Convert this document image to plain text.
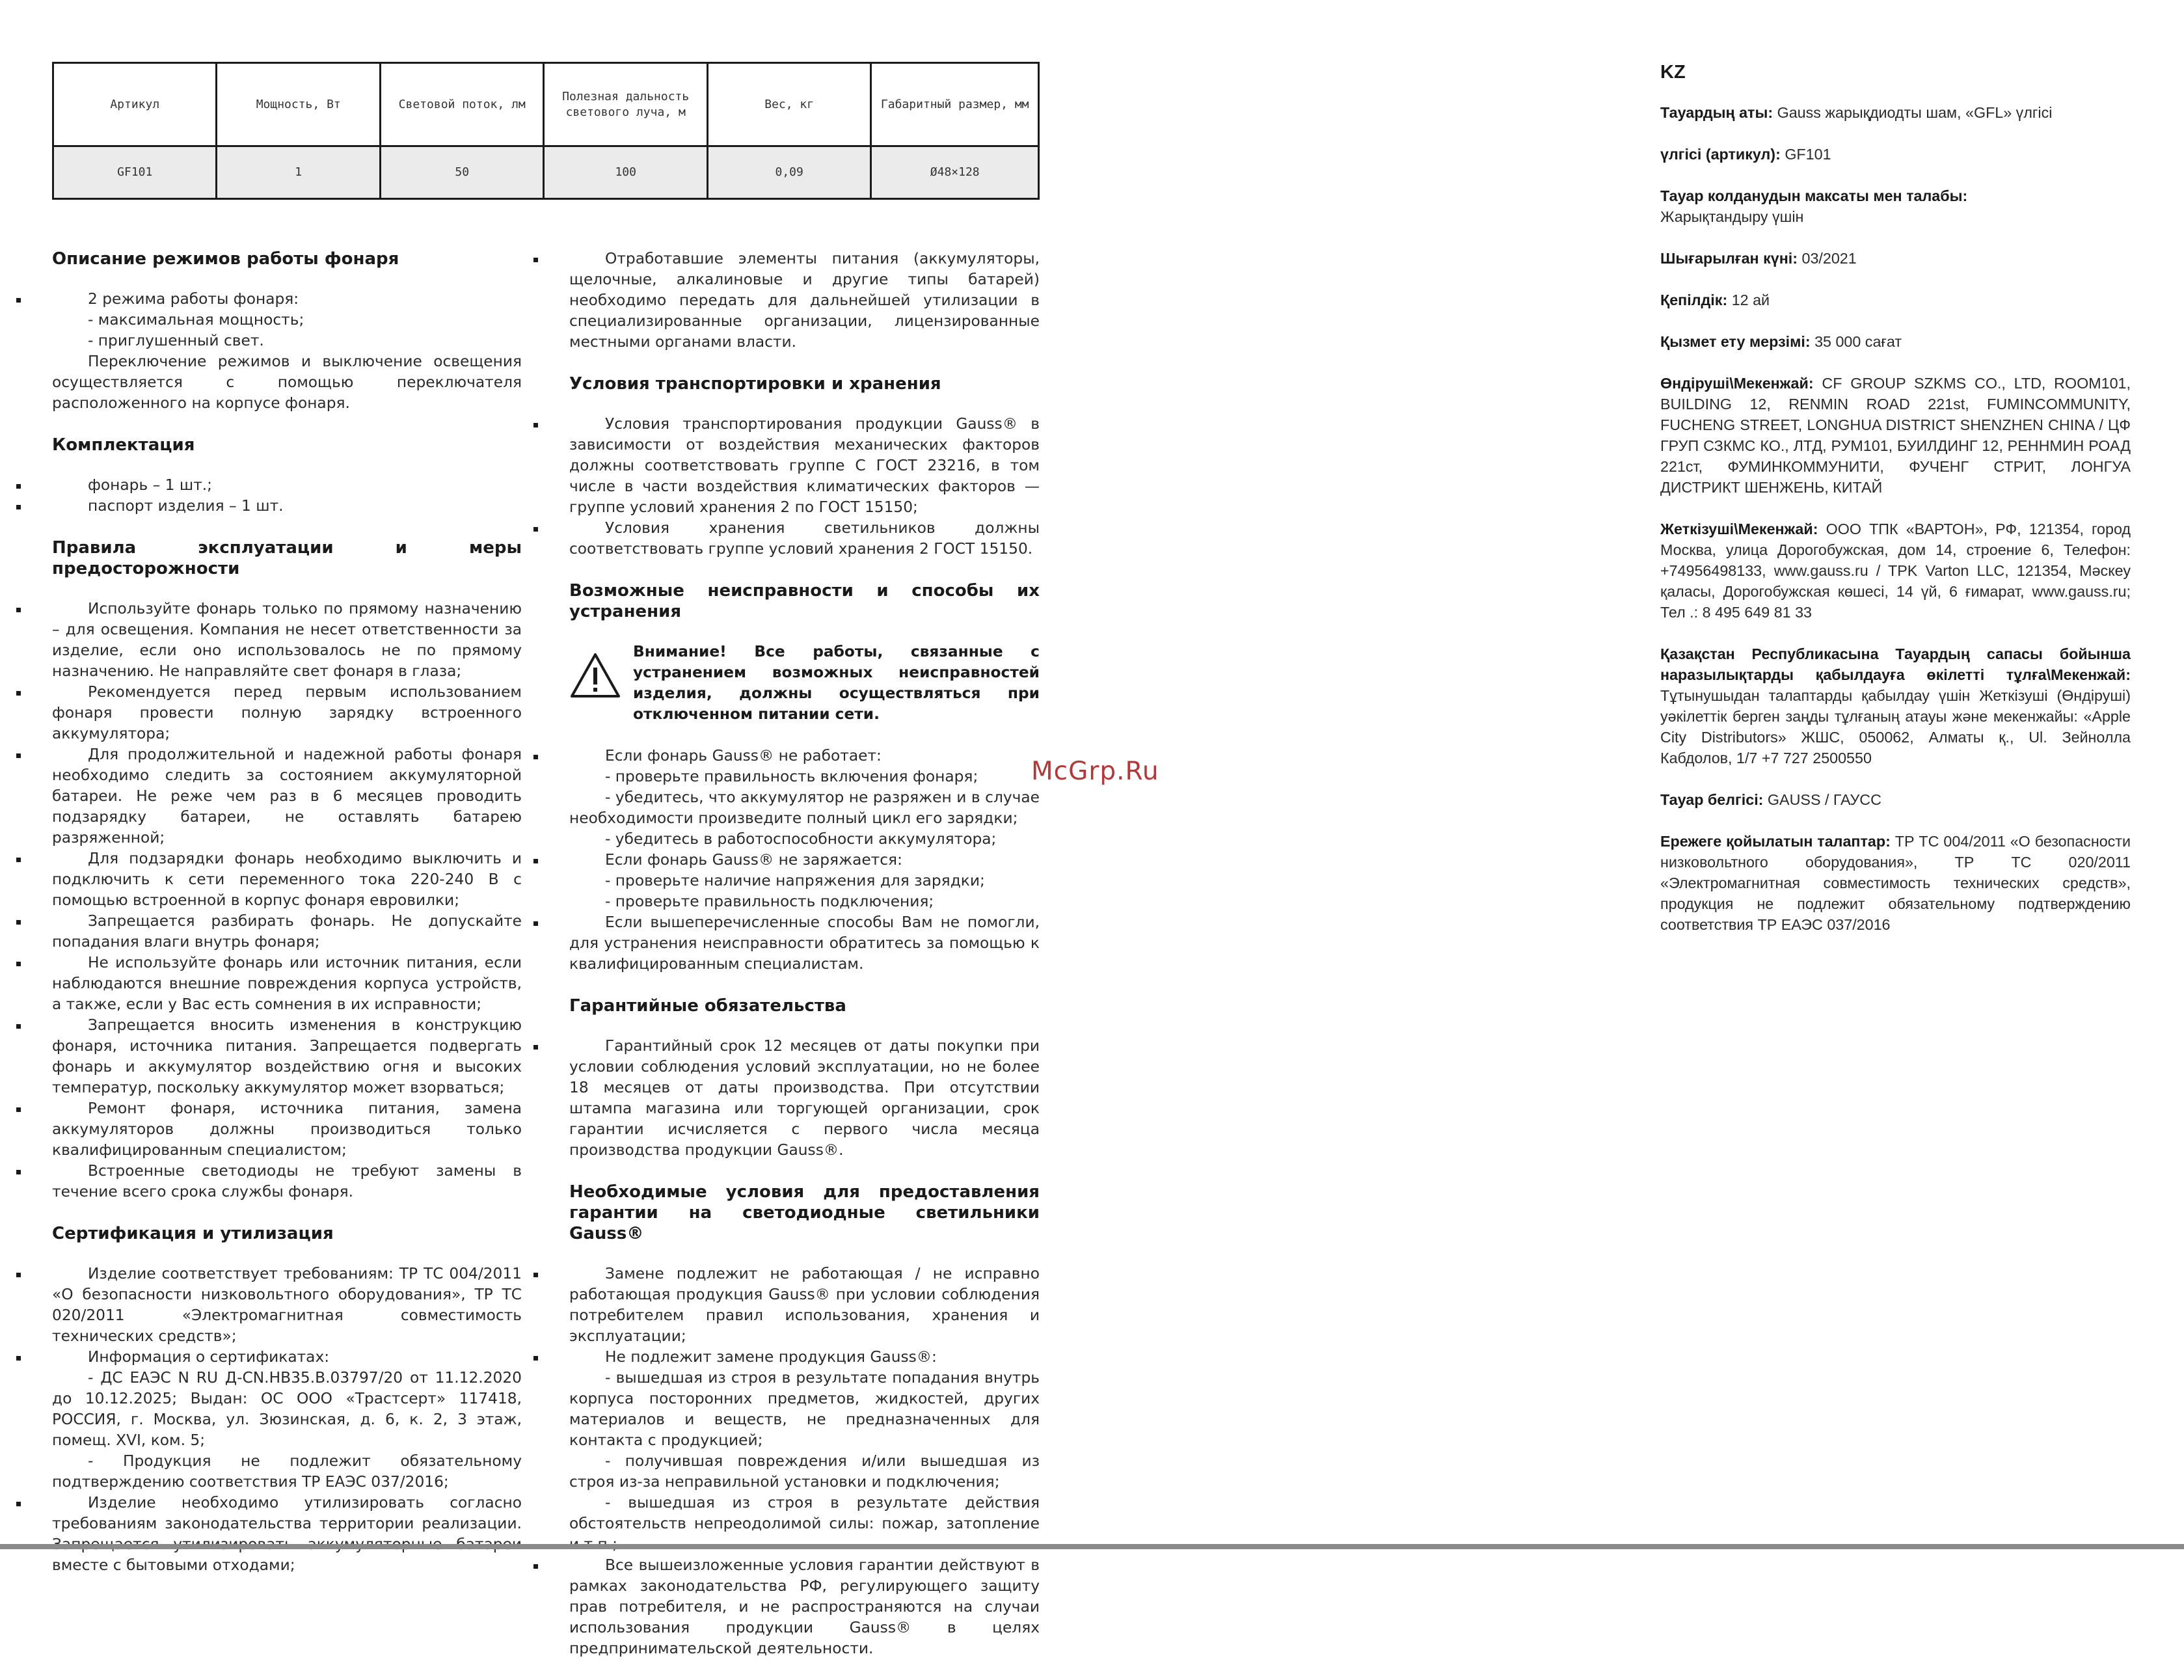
Артикул	Мощность, Вт	Световой поток, лм	Полезная дальность светового луча, м	Вес, кг	Габаритный размер, мм
GF101	1	50	100	0,09	Ø48×128
Описание режимов работы фонаря

2 режима работы фонаря:

- максимальная мощность;

- приглушенный свет.

Переключение режимов и выключение освещения осуществляется с помощью переключателя расположенного на корпусе фонаря.

Комплектация

фонарь – 1 шт.;

паспорт изделия – 1 шт.

Правила эксплуатации и меры предосторожности

Используйте фонарь только по прямому назначению – для освещения. Компания не несет ответственности за изделие, если оно использовалось не по прямому назначению. Не направляйте свет фонаря в глаза;

Рекомендуется перед первым использованием фонаря провести полную зарядку встроенного аккумулятора;

Для продолжительной и надежной работы фонаря необходимо следить за состоянием аккумуляторной батареи. Не реже чем раз в 6 месяцев проводить подзарядку батареи, не оставлять батарею разряженной;

Для подзарядки фонарь необходимо выключить и подключить к сети переменного тока 220-240 В с помощью встроенной в корпус фонаря евровилки;

Запрещается разбирать фонарь. Не допускайте попадания влаги внутрь фонаря;

Не используйте фонарь или источник питания, если наблюдаются внешние повреждения корпуса устройств, а также, если у Вас есть сомнения в их исправности;

Запрещается вносить изменения в конструкцию фонаря, источника питания. Запрещается подвергать фонарь и аккумулятор воздействию огня и высоких температур, поскольку аккумулятор может взорваться;

Ремонт фонаря, источника питания, замена аккумуляторов должны производиться только квалифицированным специалистом;

Встроенные светодиоды не требуют замены в течение всего срока службы фонаря.

Сертификация и утилизация

Изделие соответствует требованиям: ТР ТС 004/2011 «О безопасности низковольтного оборудования», ТР ТС 020/2011 «Электромагнитная совместимость технических средств»;

Информация о сертификатах:

- ДС ЕАЭС N RU Д-CN.НВ35.В.03797/20 от 11.12.2020 до 10.12.2025; Выдан: ОС ООО «Трастсерт» 117418, РОССИЯ, г. Москва, ул. Зюзинская, д. 6, к. 2, 3 этаж, помещ. XVI, ком. 5;

- Продукция не подлежит обязательному подтверждению соответствия ТР ЕАЭС 037/2016;

Изделие необходимо утилизировать согласно требованиям законодательства территории реализации. вместе с бытовыми отходами;

Отработавшие элементы питания (аккумуляторы, щелочные, алкалиновые и другие типы батарей) необходимо передать для дальнейшей утилизации в специализированные организации, лицензированные местными органами власти.

Условия транспортировки и хранения

Условия транспортирования продукции Gauss® в зависимости от воздействия механических факторов должны соответствовать группе С ГОСТ 23216, в том числе в части воздействия климатических факторов — группе условий хранения 2 по ГОСТ 15150;

Условия хранения светильников должны соответствовать группе условий хранения 2 ГОСТ 15150.

Возможные неисправности и способы их устранения
Внимание! Все работы, связанные с устранением возможных неисправностей изделия, должны осуществляться при отключенном питании сети.

Если фонарь Gauss® не работает:

- проверьте правильность включения фонаря;

- убедитесь, что аккумулятор не разряжен и в случае необходимости произведите полный цикл его зарядки;

- убедитесь в работоспособности аккумулятора;

Если фонарь Gauss® не заряжается:

- проверьте наличие напряжения для зарядки;

- проверьте правильность подключения;

Если вышеперечисленные способы Вам не помогли, для устранения неисправности обратитесь за помощью к квалифицированным специалистам.

Гарантийные обязательства

Гарантийный срок 12 месяцев от даты покупки при условии соблюдения условий эксплуатации, но не более 18 месяцев от даты производства. При отсутствии штампа магазина или торгующей организации, срок гарантии исчисляется с первого числа месяца производства продукции Gauss®.

Необходимые условия для предоставления гарантии на светодиодные светильники Gauss®

Замене подлежит не работающая / не исправно работающая продукция Gauss® при условии соблюдения потребителем правил использования, хранения и эксплуатации;

Не подлежит замене продукция Gauss®:

- вышедшая из строя в результате попадания внутрь корпуса посторонних предметов, жидкостей, других материалов и веществ, не предназначенных для контакта с продукцией;

- получившая повреждения и/или вышедшая из строя из-за неправильной установки и подключения;

- вышедшая из строя в результате действия обстоятельств непреодолимой силы: пожар, затопление

Все вышеизложенные условия гарантии действуют в рамках законодательства РФ, регулирующего защиту прав потребителя, и не распространяются на случаи использования продукции Gauss® в целях предпринимательской деятельности.

McGrp.Ru
KZ

Тауардың аты: Gauss жарықдиодты шам, «GFL» үлгісі

үлгісі (артикул): GF101

Тауар колданудын максаты мен талабы:
Жарықтандыру үшін

Шығарылған күні: 03/2021

Қепілдік: 12 ай

Қызмет ету мерзімі: 35 000 сағат

Өндіруші\Мекенжай: CF GROUP SZKMS CO., LTD, ROOM101, BUILDING 12, RENMIN ROAD 221st, FUMINCOMMUNITY, FUCHENG STREET, LONGHUA DISTRICT SHENZHEN CHINA / ЦФ ГРУП СЗКМС КО., ЛТД, РУМ101, БУИЛДИНГ 12, РЕННМИН РОАД 221ст, ФУМИНКОММУНИТИ, ФУЧЕНГ СТРИТ, ЛОНГУА ДИСТРИКТ ШЕНЖЕНЬ, КИТАЙ

Жеткізуші\Мекенжай: ООО ТПК «ВАРТОН», РФ, 121354, город Москва, улица Дорогобужская, дом 14, строение 6, Телефон: +74956498133, www.gauss.ru / TPK Varton LLC, 121354, Мәскеу қаласы, Дорогобужская көшесі, 14 үй, 6 ғимарат, www.gauss.ru; Тел .: 8 495 649 81 33

Қазақстан Республикасына Тауардың сапасы бойынша наразылықтарды қабылдауға өкілетті тұлға\Мекенжай: Тұтынушыдан талаптарды қабылдау үшін Жеткізуші (Өндіруші) уәкілеттік берген заңды тұлғаның атауы және мекенжайы: «Apple City Distributors» ЖШС, 050062, Алматы қ., Ul. Зейнолла Кабдолов, 1/7 +7 727 2500550

Тауар белгісі: GAUSS / ГАУСС

Ережеге қойылатын талаптар: ТР ТС 004/2011 «О безопасности низковольтного оборудования», ТР ТС 020/2011 «Электромагнитная совместимость технических средств», продукция не подлежит обязательному подтверждению соответствия ТР ЕАЭС 037/2016
